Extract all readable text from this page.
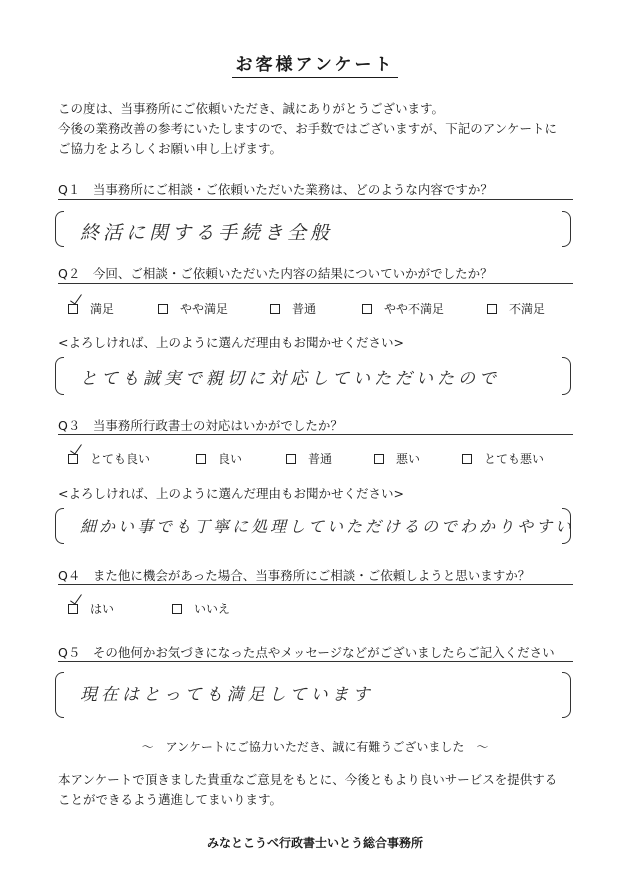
お客様アンケート
この度は、当事務所にご依頼いただき、誠にありがとうございます。
今後の業務改善の参考にいたしますので、お手数ではございますが、下記のアンケートに
ご協力をよろしくお願い申し上げます。
Q１　当事務所にご相談・ご依頼いただいた業務は、どのような内容ですか？
終活に関する手続き全般
Q２　今回、ご相談・ご依頼いただいた内容の結果についていかがでしたか？
満足	やや満足	普通	やや不満足	不満足
<よろしければ、上のように選んだ理由もお聞かせください>
とても誠実で親切に対応していただいたので
Q３　当事務所行政書士の対応はいかがでしたか？
とても良い	良い	普通	悪い	とても悪い
<よろしければ、上のように選んだ理由もお聞かせください>
細かい事でも丁寧に処理していただけるのでわかりやすい
Q４　また他に機会があった場合、当事務所にご相談・ご依頼しようと思いますか？
はい	いいえ
Q５　その他何かお気づきになった点やメッセージなどがございましたらご記入ください
現在はとっても満足しています
～　アンケートにご協力いただき、誠に有難うございました　～
本アンケートで頂きました貴重なご意見をもとに、今後ともより良いサービスを提供する
ことができるよう邁進してまいります。
みなとこうべ行政書士いとう総合事務所
